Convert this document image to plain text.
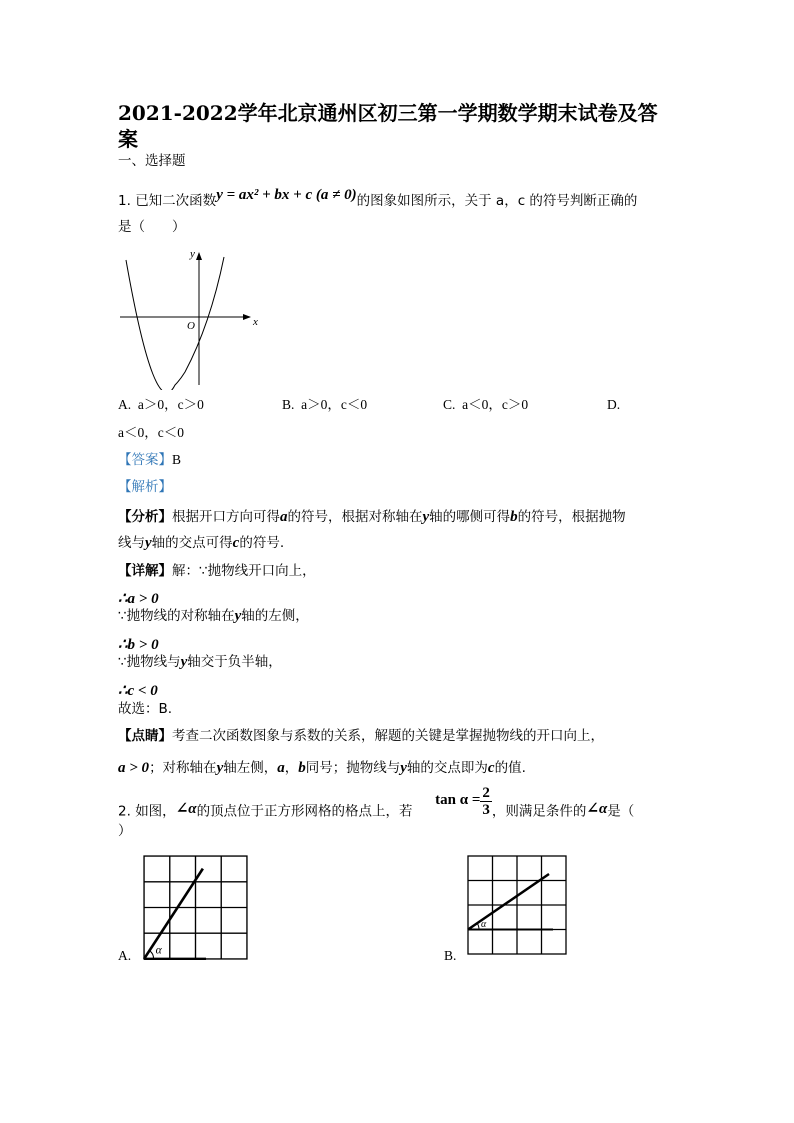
2021-2022学年北京通州区初三第一学期数学期末试卷及答
案
一、选择题
1. 已知二次函数y = ax² + bx + c (a ≠ 0)的图象如图所示，关于 a，c 的符号判断正确的
是（　　）
x
y
O
A. a＞0，c＞0	B. a＞0，c＜0	C. a＜0，c＞0	D.
a＜0，c＜0
【答案】B
【解析】
【分析】根据开口方向可得a的符号，根据对称轴在y轴的哪侧可得b的符号，根据抛物
线与y轴的交点可得c的符号.
【详解】解：∵抛物线开口向上，
∴a > 0
∵抛物线的对称轴在y轴的左侧，
∴b > 0
∵抛物线与y轴交于负半轴，
∴c < 0
故选：B.
【点睛】考查二次函数图象与系数的关系，解题的关键是掌握抛物线的开口向上，
a > 0；对称轴在y轴左侧，a，b同号；抛物线与y轴的交点即为c的值.
2. 如图，∠α的顶点位于正方形网格的格点上，若  $\tan \alpha = \frac{2}{3}$ ，则满足条件的∠α是（
）
α
A.
α
B.
